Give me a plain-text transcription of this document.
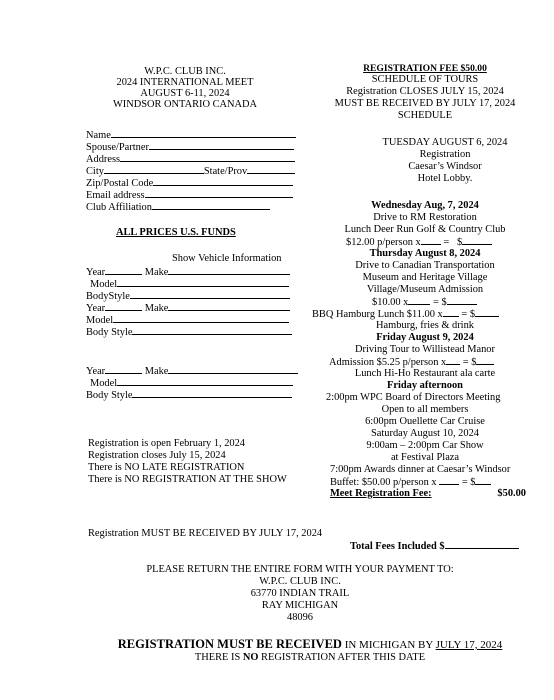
W.P.C. CLUB INC.
2024 INTERNATIONAL MEET
AUGUST 6-11, 2024
WINDSOR ONTARIO CANADA
Name
Spouse/Partner
Address
City	State/Prov
Zip/Postal Code
Email address
Club Affiliation
ALL PRICES U.S. FUNDS
Show Vehicle Information
Year	Make
Model
BodyStyle
Year	Make
Model
Body Style
Year	Make
Model
Body Style
Registration is open February 1, 2024
Registration closes July 15, 2024
There is NO LATE REGISTRATION
There is NO REGISTRATION AT THE SHOW
REGISTRATION FEE $50.00
SCHEDULE OF TOURS
Registration CLOSES JULY 15, 2024
MUST BE RECEIVED BY JULY 17, 2024
SCHEDULE
TUESDAY AUGUST 6, 2024
Registration
Caesar’s Windsor
Hotel Lobby.
Wednesday Aug, 7, 2024
Drive to RM Restoration
Lunch Deer Run Golf & Country Club
$12.00 p/person x = $
Thursday August 8, 2024
Drive to Canadian Transportation
Museum and Heritage Village
Village/Museum Admission
$10.00 x = $
BBQ Hamburg Lunch $11.00 x = $
Hamburg, fries & drink
Friday August 9, 2024
Driving Tour to Willistead Manor
Admission $5.25 p/person x = $
Lunch Hi-Ho Restaurant ala carte
Friday afternoon
2:00pm WPC Board of Directors Meeting
Open to all members
6:00pm Ouellette Car Cruise
Saturday August 10, 2024
9:00am – 2:00pm Car Show
at Festival Plaza
7:00pm Awards dinner at Caesar’s Windsor
Buffet: $50.00 p/person x = $
Meet Registration Fee:	$50.00
Registration MUST BE RECEIVED BY JULY 17, 2024
Total Fees Included $
PLEASE RETURN THE ENTIRE FORM WITH YOUR PAYMENT TO:
W.P.C. CLUB INC.
63770 INDIAN TRAIL
RAY MICHIGAN
48096
REGISTRATION MUST BE RECEIVED IN MICHIGAN BY JULY 17, 2024
THERE IS NO REGISTRATION AFTER THIS DATE
